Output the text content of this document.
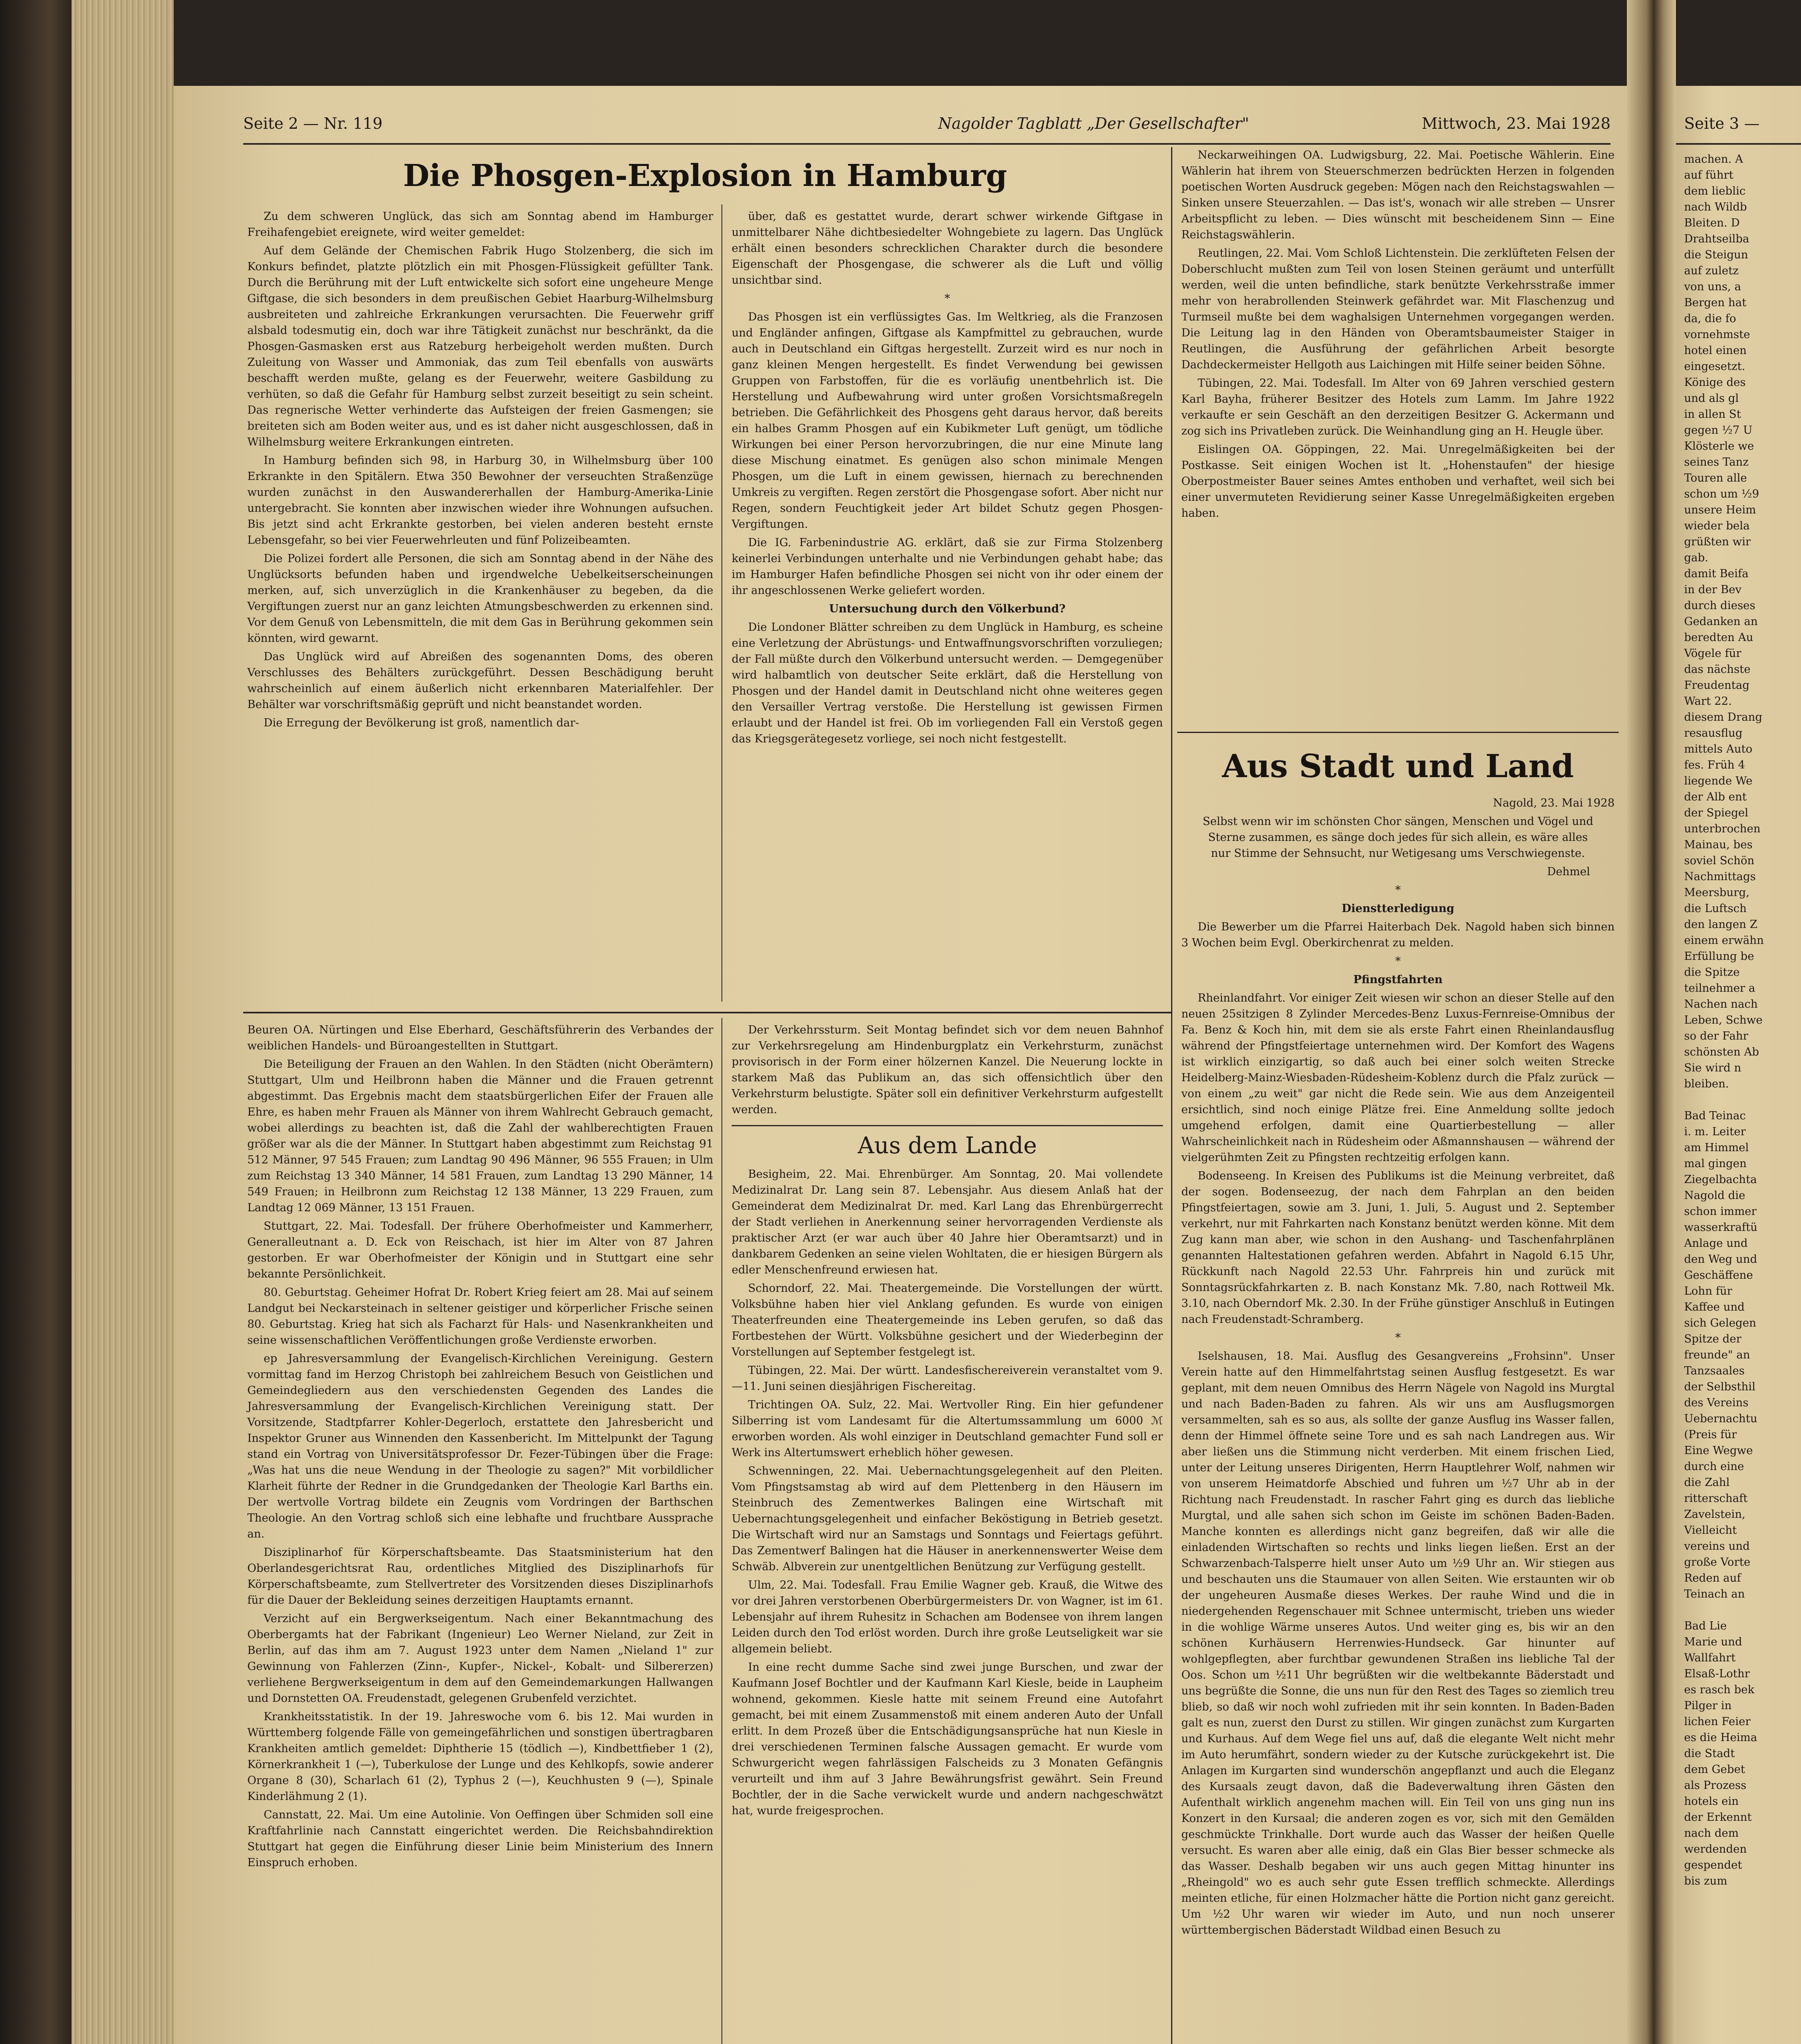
Seite 2 — Nr. 119	Nagolder Tagblatt „Der Gesellschafter"	Mittwoch, 23. Mai 1928
Die Phosgen-Explosion in Hamburg

Zu dem schweren Unglück, das sich am Sonntag abend im Hamburger Freihafengebiet ereignete, wird weiter gemeldet:

Auf dem Gelände der Chemischen Fabrik Hugo Stolzenberg, die sich im Konkurs befindet, platzte plötzlich ein mit Phosgen-Flüssigkeit gefüllter Tank. Durch die Berührung mit der Luft entwickelte sich sofort eine ungeheure Menge Giftgase, die sich besonders in dem preußischen Gebiet Haarburg-Wilhelmsburg ausbreiteten und zahlreiche Erkrankungen verursachten. Die Feuerwehr griff alsbald todesmutig ein, doch war ihre Tätigkeit zunächst nur beschränkt, da die Phosgen-Gasmasken erst aus Ratzeburg herbeigeholt werden mußten. Durch Zuleitung von Wasser und Ammoniak, das zum Teil ebenfalls von auswärts beschafft werden mußte, gelang es der Feuerwehr, weitere Gasbildung zu verhüten, so daß die Gefahr für Hamburg selbst zurzeit beseitigt zu sein scheint. Das regnerische Wetter verhinderte das Aufsteigen der freien Gasmengen; sie breiteten sich am Boden weiter aus, und es ist daher nicht ausgeschlossen, daß in Wilhelmsburg weitere Erkrankungen eintreten.

In Hamburg befinden sich 98, in Harburg 30, in Wilhelmsburg über 100 Erkrankte in den Spitälern. Etwa 350 Bewohner der verseuchten Straßenzüge wurden zunächst in den Auswandererhallen der Hamburg-Amerika-Linie untergebracht. Sie konnten aber inzwischen wieder ihre Wohnungen aufsuchen. Bis jetzt sind acht Erkrankte gestorben, bei vielen anderen besteht ernste Lebensgefahr, so bei vier Feuerwehrleuten und fünf Polizeibeamten.

Die Polizei fordert alle Personen, die sich am Sonntag abend in der Nähe des Unglücksorts befunden haben und irgendwelche Uebelkeitserscheinungen merken, auf, sich unverzüglich in die Krankenhäuser zu begeben, da die Vergiftungen zuerst nur an ganz leichten Atmungsbeschwerden zu erkennen sind. Vor dem Genuß von Lebensmitteln, die mit dem Gas in Berührung gekommen sein könnten, wird gewarnt.

Das Unglück wird auf Abreißen des sogenannten Doms, des oberen Verschlusses des Behälters zurückgeführt. Dessen Beschädigung beruht wahrscheinlich auf einem äußerlich nicht erkennbaren Materialfehler. Der Behälter war vorschriftsmäßig geprüft und nicht beanstandet worden.

Die Erregung der Bevölkerung ist groß, namentlich dar-

über, daß es gestattet wurde, derart schwer wirkende Giftgase in unmittelbarer Nähe dichtbesiedelter Wohngebiete zu lagern. Das Unglück erhält einen besonders schrecklichen Charakter durch die besondere Eigenschaft der Phosgengase, die schwerer als die Luft und völlig unsichtbar sind.

*

Das Phosgen ist ein verflüssigtes Gas. Im Weltkrieg, als die Franzosen und Engländer anfingen, Giftgase als Kampfmittel zu gebrauchen, wurde auch in Deutschland ein Giftgas hergestellt. Zurzeit wird es nur noch in ganz kleinen Mengen hergestellt. Es findet Verwendung bei gewissen Gruppen von Farbstoffen, für die es vorläufig unentbehrlich ist. Die Herstellung und Aufbewahrung wird unter großen Vorsichtsmaßregeln betrieben. Die Gefährlichkeit des Phosgens geht daraus hervor, daß bereits ein halbes Gramm Phosgen auf ein Kubikmeter Luft genügt, um tödliche Wirkungen bei einer Person hervorzubringen, die nur eine Minute lang diese Mischung einatmet. Es genügen also schon minimale Mengen Phosgen, um die Luft in einem gewissen, hiernach zu berechnenden Umkreis zu vergiften. Regen zerstört die Phosgengase sofort. Aber nicht nur Regen, sondern Feuchtigkeit jeder Art bildet Schutz gegen Phosgen-Vergiftungen.

Die IG. Farbenindustrie AG. erklärt, daß sie zur Firma Stolzenberg keinerlei Verbindungen unterhalte und nie Verbindungen gehabt habe; das im Hamburger Hafen befindliche Phosgen sei nicht von ihr oder einem der ihr angeschlossenen Werke geliefert worden.

Untersuchung durch den Völkerbund?

Die Londoner Blätter schreiben zu dem Unglück in Hamburg, es scheine eine Verletzung der Abrüstungs- und Entwaffnungsvorschriften vorzuliegen; der Fall müßte durch den Völkerbund untersucht werden. — Demgegenüber wird halbamtlich von deutscher Seite erklärt, daß die Herstellung von Phosgen und der Handel damit in Deutschland nicht ohne weiteres gegen den Versailler Vertrag verstoße. Die Herstellung ist gewissen Firmen erlaubt und der Handel ist frei. Ob im vorliegenden Fall ein Verstoß gegen das Kriegsgerätegesetz vorliege, sei noch nicht festgestellt.

Neckarweihingen OA. Ludwigsburg, 22. Mai. Poetische Wählerin. Eine Wählerin hat ihrem von Steuerschmerzen bedrückten Herzen in folgenden poetischen Worten Ausdruck gegeben: Mögen nach den Reichstagswahlen — Sinken unsere Steuerzahlen. — Das ist's, wonach wir alle streben — Unsrer Arbeitspflicht zu leben. — Dies wünscht mit bescheidenem Sinn — Eine Reichstagswählerin.

Reutlingen, 22. Mai. Vom Schloß Lichtenstein. Die zerklüfteten Felsen der Doberschlucht mußten zum Teil von losen Steinen geräumt und unterfüllt werden, weil die unten befindliche, stark benützte Verkehrsstraße immer mehr von herabrollenden Steinwerk gefährdet war. Mit Flaschenzug und Turmseil mußte bei dem waghalsigen Unternehmen vorgegangen werden. Die Leitung lag in den Händen von Oberamtsbaumeister Staiger in Reutlingen, die Ausführung der gefährlichen Arbeit besorgte Dachdeckermeister Hellgoth aus Laichingen mit Hilfe seiner beiden Söhne.

Tübingen, 22. Mai. Todesfall. Im Alter von 69 Jahren verschied gestern Karl Bayha, früherer Besitzer des Hotels zum Lamm. Im Jahre 1922 verkaufte er sein Geschäft an den derzeitigen Besitzer G. Ackermann und zog sich ins Privatleben zurück. Die Weinhandlung ging an H. Heugle über.

Eislingen OA. Göppingen, 22. Mai. Unregelmäßigkeiten bei der Postkasse. Seit einigen Wochen ist lt. „Hohenstaufen" der hiesige Oberpostmeister Bauer seines Amtes enthoben und verhaftet, weil sich bei einer unvermuteten Revidierung seiner Kasse Unregelmäßigkeiten ergeben haben.

Aus Stadt und Land

Nagold, 23. Mai 1928

Selbst wenn wir im schönsten Chor sängen, Menschen und Vögel und Sterne zusammen, es sänge doch jedes für sich allein, es wäre alles nur Stimme der Sehnsucht, nur Wetigesang ums Verschwiegenste.

Dehmel

*

Dienstterledigung

Die Bewerber um die Pfarrei Haiterbach Dek. Nagold haben sich binnen 3 Wochen beim Evgl. Oberkirchenrat zu melden.

*

Pfingstfahrten

Rheinlandfahrt. Vor einiger Zeit wiesen wir schon an dieser Stelle auf den neuen 25sitzigen 8 Zylinder Mercedes-Benz Luxus-Fernreise-Omnibus der Fa. Benz & Koch hin, mit dem sie als erste Fahrt einen Rheinlandausflug während der Pfingstfeiertage unternehmen wird. Der Komfort des Wagens ist wirklich einzigartig, so daß auch bei einer solch weiten Strecke Heidelberg-Mainz-Wiesbaden-Rüdesheim-Koblenz durch die Pfalz zurück — von einem „zu weit" gar nicht die Rede sein. Wie aus dem Anzeigenteil ersichtlich, sind noch einige Plätze frei. Eine Anmeldung sollte jedoch umgehend erfolgen, damit eine Quartierbestellung — aller Wahrscheinlichkeit nach in Rüdesheim oder Aßmannshausen — während der vielgerühmten Zeit zu Pfingsten rechtzeitig erfolgen kann.

Bodenseeng. In Kreisen des Publikums ist die Meinung verbreitet, daß der sogen. Bodenseezug, der nach dem Fahrplan an den beiden Pfingstfeiertagen, sowie am 3. Juni, 1. Juli, 5. August und 2. September verkehrt, nur mit Fahrkarten nach Konstanz benützt werden könne. Mit dem Zug kann man aber, wie schon in den Aushang- und Taschenfahrplänen genannten Haltestationen gefahren werden. Abfahrt in Nagold 6.15 Uhr, Rückkunft nach Nagold 22.53 Uhr. Fahrpreis hin und zurück mit Sonntagsrückfahrkarten z. B. nach Konstanz Mk. 7.80, nach Rottweil Mk. 3.10, nach Oberndorf Mk. 2.30. In der Frühe günstiger Anschluß in Eutingen nach Freudenstadt-Schramberg.

*

Iselshausen, 18. Mai. Ausflug des Gesangvereins „Frohsinn". Unser Verein hatte auf den Himmelfahrtstag seinen Ausflug festgesetzt. Es war geplant, mit dem neuen Omnibus des Herrn Nägele von Nagold ins Murgtal und nach Baden-Baden zu fahren. Als wir uns am Ausflugsmorgen versammelten, sah es so aus, als sollte der ganze Ausflug ins Wasser fallen, denn der Himmel öffnete seine Tore und es sah nach Landregen aus. Wir aber ließen uns die Stimmung nicht verderben. Mit einem frischen Lied, unter der Leitung unseres Dirigenten, Herrn Hauptlehrer Wolf, nahmen wir von unserem Heimatdorfe Abschied und fuhren um ½7 Uhr ab in der Richtung nach Freudenstadt. In rascher Fahrt ging es durch das liebliche Murgtal, und alle sahen sich schon im Geiste im schönen Baden-Baden. Manche konnten es allerdings nicht ganz begreifen, daß wir alle die einladenden Wirtschaften so rechts und links liegen ließen. Erst an der Schwarzenbach-Talsperre hielt unser Auto um ½9 Uhr an. Wir stiegen aus und beschauten uns die Staumauer von allen Seiten. Wie erstaunten wir ob der ungeheuren Ausmaße dieses Werkes. Der rauhe Wind und die in niedergehenden Regenschauer mit Schnee untermischt, trieben uns wieder in die wohlige Wärme unseres Autos. Und weiter ging es, bis wir an den schönen Kurhäusern Herrenwies-Hundseck. Gar hinunter auf wohlgepflegten, aber furchtbar gewundenen Straßen ins liebliche Tal der Oos. Schon um ½11 Uhr begrüßten wir die weltbekannte Bäderstadt und uns begrüßte die Sonne, die uns nun für den Rest des Tages so ziemlich treu blieb, so daß wir noch wohl zufrieden mit ihr sein konnten. In Baden-Baden galt es nun, zuerst den Durst zu stillen. Wir gingen zunächst zum Kurgarten und Kurhaus. Auf dem Wege fiel uns auf, daß die elegante Welt nicht mehr im Auto herumfährt, sondern wieder zu der Kutsche zurückgekehrt ist. Die Anlagen im Kurgarten sind wunderschön angepflanzt und auch die Eleganz des Kursaals zeugt davon, daß die Badeverwaltung ihren Gästen den Aufenthalt wirklich angenehm machen will. Ein Teil von uns ging nun ins Konzert in den Kursaal; die anderen zogen es vor, sich mit den Gemälden geschmückte Trinkhalle. Dort wurde auch das Wasser der heißen Quelle versucht. Es waren aber alle einig, daß ein Glas Bier besser schmecke als das Wasser. Deshalb begaben wir uns auch gegen Mittag hinunter ins „Rheingold" wo es auch sehr gute Essen trefflich schmeckte. Allerdings meinten etliche, für einen Holzmacher hätte die Portion nicht ganz gereicht. Um ½2 Uhr waren wir wieder im Auto, und nun noch unserer württembergischen Bäderstadt Wildbad einen Besuch zu

Beuren OA. Nürtingen und Else Eberhard, Geschäftsführerin des Verbandes der weiblichen Handels- und Büroangestellten in Stuttgart.

Die Beteiligung der Frauen an den Wahlen. In den Städten (nicht Oberämtern) Stuttgart, Ulm und Heilbronn haben die Männer und die Frauen getrennt abgestimmt. Das Ergebnis macht dem staatsbürgerlichen Eifer der Frauen alle Ehre, es haben mehr Frauen als Männer von ihrem Wahlrecht Gebrauch gemacht, wobei allerdings zu beachten ist, daß die Zahl der wahlberechtigten Frauen größer war als die der Männer. In Stuttgart haben abgestimmt zum Reichstag 91 512 Männer, 97 545 Frauen; zum Landtag 90 496 Männer, 96 555 Frauen; in Ulm zum Reichstag 13 340 Männer, 14 581 Frauen, zum Landtag 13 290 Männer, 14 549 Frauen; in Heilbronn zum Reichstag 12 138 Männer, 13 229 Frauen, zum Landtag 12 069 Männer, 13 151 Frauen.

Stuttgart, 22. Mai. Todesfall. Der frühere Oberhofmeister und Kammerherr, Generalleutnant a. D. Eck von Reischach, ist hier im Alter von 87 Jahren gestorben. Er war Oberhofmeister der Königin und in Stuttgart eine sehr bekannte Persönlichkeit.

80. Geburtstag. Geheimer Hofrat Dr. Robert Krieg feiert am 28. Mai auf seinem Landgut bei Neckarsteinach in seltener geistiger und körperlicher Frische seinen 80. Geburtstag. Krieg hat sich als Facharzt für Hals- und Nasenkrankheiten und seine wissenschaftlichen Veröffentlichungen große Verdienste erworben.

ep Jahresversammlung der Evangelisch-Kirchlichen Vereinigung. Gestern vormittag fand im Herzog Christoph bei zahlreichem Besuch von Geistlichen und Gemeindegliedern aus den verschiedensten Gegenden des Landes die Jahresversammlung der Evangelisch-Kirchlichen Vereinigung statt. Der Vorsitzende, Stadtpfarrer Kohler-Degerloch, erstattete den Jahresbericht und Inspektor Gruner aus Winnenden den Kassenbericht. Im Mittelpunkt der Tagung stand ein Vortrag von Universitätsprofessor Dr. Fezer-Tübingen über die Frage: „Was hat uns die neue Wendung in der Theologie zu sagen?" Mit vorbildlicher Klarheit führte der Redner in die Grundgedanken der Theologie Karl Barths ein. Der wertvolle Vortrag bildete ein Zeugnis vom Vordringen der Barthschen Theologie. An den Vortrag schloß sich eine lebhafte und fruchtbare Aussprache an.

Disziplinarhof für Körperschaftsbeamte. Das Staatsministerium hat den Oberlandesgerichtsrat Rau, ordentliches Mitglied des Disziplinarhofs für Körperschaftsbeamte, zum Stellvertreter des Vorsitzenden dieses Disziplinarhofs für die Dauer der Bekleidung seines derzeitigen Hauptamts ernannt.

Verzicht auf ein Bergwerkseigentum. Nach einer Bekanntmachung des Oberbergamts hat der Fabrikant (Ingenieur) Leo Werner Nieland, zur Zeit in Berlin, auf das ihm am 7. August 1923 unter dem Namen „Nieland 1" zur Gewinnung von Fahlerzen (Zinn-, Kupfer-, Nickel-, Kobalt- und Silbererzen) verliehene Bergwerkseigentum in dem auf den Gemeindemarkungen Hallwangen und Dornstetten OA. Freudenstadt, gelegenen Grubenfeld verzichtet.

Krankheitsstatistik. In der 19. Jahreswoche vom 6. bis 12. Mai wurden in Württemberg folgende Fälle von gemeingefährlichen und sonstigen übertragbaren Krankheiten amtlich gemeldet: Diphtherie 15 (tödlich —), Kindbettfieber 1 (2), Körnerkrankheit 1 (—), Tuberkulose der Lunge und des Kehlkopfs, sowie anderer Organe 8 (30), Scharlach 61 (2), Typhus 2 (—), Keuchhusten 9 (—), Spinale Kinderlähmung 2 (1).

Cannstatt, 22. Mai. Um eine Autolinie. Von Oeffingen über Schmiden soll eine Kraftfahrlinie nach Cannstatt eingerichtet werden. Die Reichsbahndirektion Stuttgart hat gegen die Einführung dieser Linie beim Ministerium des Innern Einspruch erhoben.

Der Verkehrssturm. Seit Montag befindet sich vor dem neuen Bahnhof zur Verkehrsregelung am Hindenburgplatz ein Verkehrsturm, zunächst provisorisch in der Form einer hölzernen Kanzel. Die Neuerung lockte in starkem Maß das Publikum an, das sich offensichtlich über den Verkehrsturm belustigte. Später soll ein definitiver Verkehrsturm aufgestellt werden.

Aus dem Lande

Besigheim, 22. Mai. Ehrenbürger. Am Sonntag, 20. Mai vollendete Medizinalrat Dr. Lang sein 87. Lebensjahr. Aus diesem Anlaß hat der Gemeinderat dem Medizinalrat Dr. med. Karl Lang das Ehrenbürgerrecht der Stadt verliehen in Anerkennung seiner hervorragenden Verdienste als praktischer Arzt (er war auch über 40 Jahre hier Oberamtsarzt) und in dankbarem Gedenken an seine vielen Wohltaten, die er hiesigen Bürgern als edler Menschenfreund erwiesen hat.

Schorndorf, 22. Mai. Theatergemeinde. Die Vorstellungen der württ. Volksbühne haben hier viel Anklang gefunden. Es wurde von einigen Theaterfreunden eine Theatergemeinde ins Leben gerufen, so daß das Fortbestehen der Württ. Volksbühne gesichert und der Wiederbeginn der Vorstellungen auf September festgelegt ist.

Tübingen, 22. Mai. Der württ. Landesfischereiverein veranstaltet vom 9.—11. Juni seinen diesjährigen Fischereitag.

Trichtingen OA. Sulz, 22. Mai. Wertvoller Ring. Ein hier gefundener Silberring ist vom Landesamt für die Altertumssammlung um 6000 ℳ erworben worden. Als wohl einziger in Deutschland gemachter Fund soll er Werk ins Altertumswert erheblich höher gewesen.

Schwenningen, 22. Mai. Uebernachtungsgelegenheit auf den Pleiten. Vom Pfingstsamstag ab wird auf dem Plettenberg in den Häusern im Steinbruch des Zementwerkes Balingen eine Wirtschaft mit Uebernachtungsgelegenheit und einfacher Beköstigung in Betrieb gesetzt. Die Wirtschaft wird nur an Samstags und Sonntags und Feiertags geführt. Das Zementwerf Balingen hat die Häuser in anerkennenswerter Weise dem Schwäb. Albverein zur unentgeltlichen Benützung zur Verfügung gestellt.

Ulm, 22. Mai. Todesfall. Frau Emilie Wagner geb. Krauß, die Witwe des vor drei Jahren verstorbenen Oberbürgermeisters Dr. von Wagner, ist im 61. Lebensjahr auf ihrem Ruhesitz in Schachen am Bodensee von ihrem langen Leiden durch den Tod erlöst worden. Durch ihre große Leutseligkeit war sie allgemein beliebt.

In eine recht dumme Sache sind zwei junge Burschen, und zwar der Kaufmann Josef Bochtler und der Kaufmann Karl Kiesle, beide in Laupheim wohnend, gekommen. Kiesle hatte mit seinem Freund eine Autofahrt gemacht, bei mit einem Zusammenstoß mit einem anderen Auto der Unfall erlitt. In dem Prozeß über die Entschädigungsansprüche hat nun Kiesle in drei verschiedenen Terminen falsche Aussagen gemacht. Er wurde vom Schwurgericht wegen fahrlässigen Falscheids zu 3 Monaten Gefängnis verurteilt und ihm auf 3 Jahre Bewährungsfrist gewährt. Sein Freund Bochtler, der in die Sache verwickelt wurde und andern nachgeschwätzt hat, wurde freigesprochen.

Seite 3 —
machen. A
auf führt
dem lieblic
nach Wildb
Bleiten. D
Drahtseilba
die Steigun
auf zuletz
von uns, a
Bergen hat
da, die fo
vornehmste
hotel einen
eingesetzt.
Könige des
und als gl
in allen St
gegen ½7 U
Klösterle we
seines Tanz
Touren alle
schon um ½9
unsere Heim
wieder bela
grüßten wir
gab.
damit Beifa
in der Bev
durch dieses
Gedanken an
beredten Au
Vögele für
das nächste
Freudentag
Wart 22.
diesem Drang
resausflug
mittels Auto
fes. Früh 4
liegende We
der Alb ent
der Spiegel
unterbrochen
Mainau, bes
soviel Schön
Nachmittags
Meersburg,
die Luftsch
den langen Z
einem erwähn
Erfüllung be
die Spitze
teilnehmer a
Nachen nach
Leben, Schwe
so der Fahr
schönsten Ab
Sie wird n
bleiben.

Bad Teinac
i. m. Leiter
am Himmel
mal gingen
Ziegelbachta
Nagold die
schon immer
wasserkraftü
Anlage und
den Weg und
Geschäffene
Lohn für
Kaffee und
sich Gelegen
Spitze der
freunde" an
Tanzsaales
der Selbsthil
des Vereins
Uebernachtu
(Preis für
Eine Wegwe
durch eine
die Zahl
ritterschaft
Zavelstein,
Vielleicht
vereins und
große Vorte
Reden auf
Teinach an

Bad Lie
Marie und
Wallfahrt
Elsaß-Lothr
es rasch bek
Pilger in
lichen Feier
es die Heima
die Stadt
dem Gebet
als Prozess
hotels ein
der Erkennt
nach dem
werdenden
gespendet
bis zum
